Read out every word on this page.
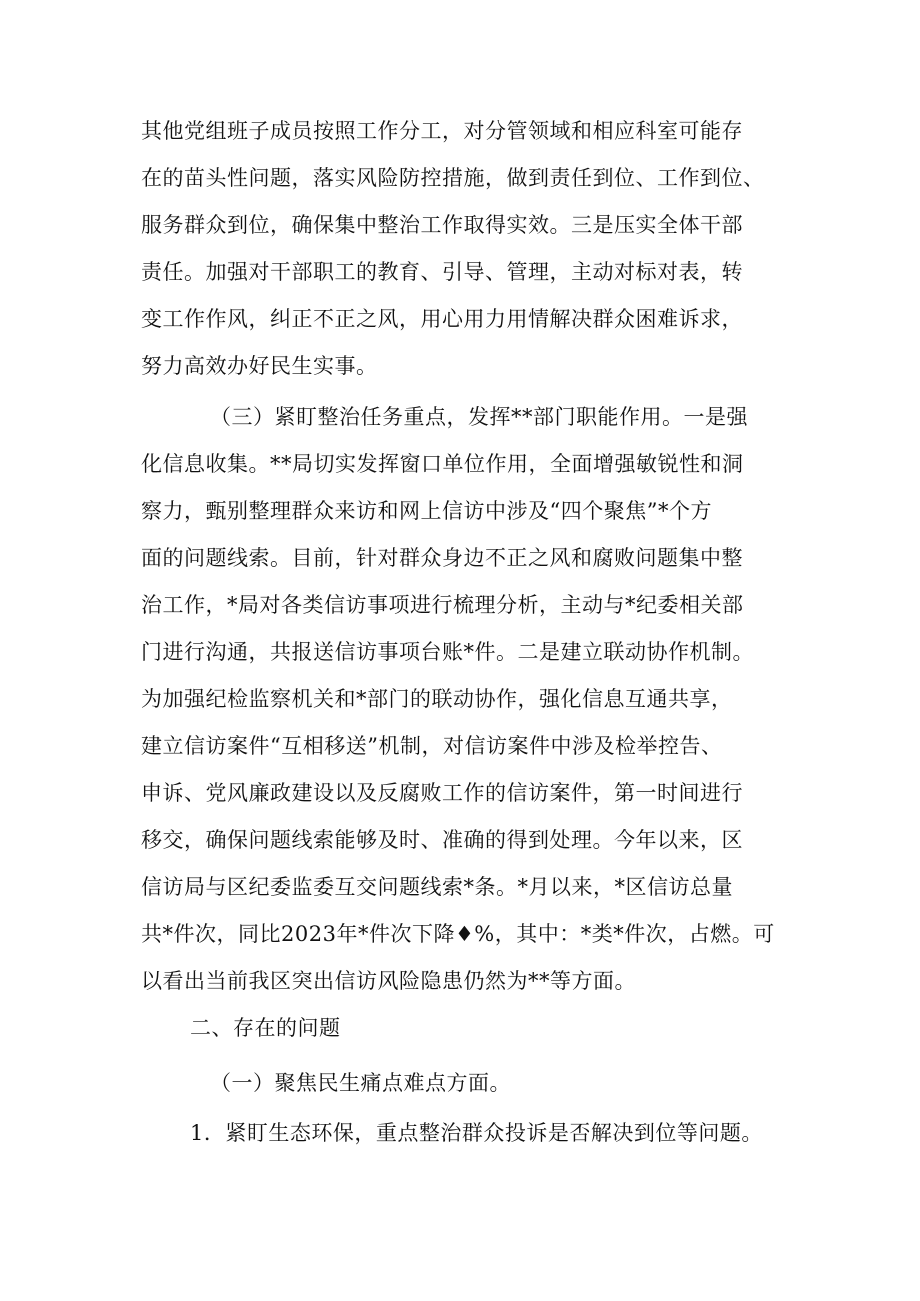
其他党组班子成员按照工作分工，对分管领域和相应科室可能存
在的苗头性问题，落实风险防控措施，做到责任到位、工作到位、
服务群众到位，确保集中整治工作取得实效。三是压实全体干部
责任。加强对干部职工的教育、引导、管理，主动对标对表，转
变工作作风，纠正不正之风，用心用力用情解决群众困难诉求，
努力高效办好民生实事。
（三）紧盯整治任务重点，发挥**部门职能作用。一是强
化信息收集。**局切实发挥窗口单位作用，全面增强敏锐性和洞
察力，甄别整理群众来访和网上信访中涉及“四个聚焦”*个方
面的问题线索。目前，针对群众身边不正之风和腐败问题集中整
治工作，*局对各类信访事项进行梳理分析，主动与*纪委相关部
门进行沟通，共报送信访事项台账*件。二是建立联动协作机制。
为加强纪检监察机关和*部门的联动协作，强化信息互通共享，
建立信访案件“互相移送”机制，对信访案件中涉及检举控告、
申诉、党风廉政建设以及反腐败工作的信访案件，第一时间进行
移交，确保问题线索能够及时、准确的得到处理。今年以来，区
信访局与区纪委监委互交问题线索*条。*月以来，*区信访总量
共*件次，同比2023年*件次下降♦%，其中：*类*件次，占燃。可
以看出当前我区突出信访风险隐患仍然为**等方面。
二、存在的问题
（一）聚焦民生痛点难点方面。
1．紧盯生态环保，重点整治群众投诉是否解决到位等问题。
